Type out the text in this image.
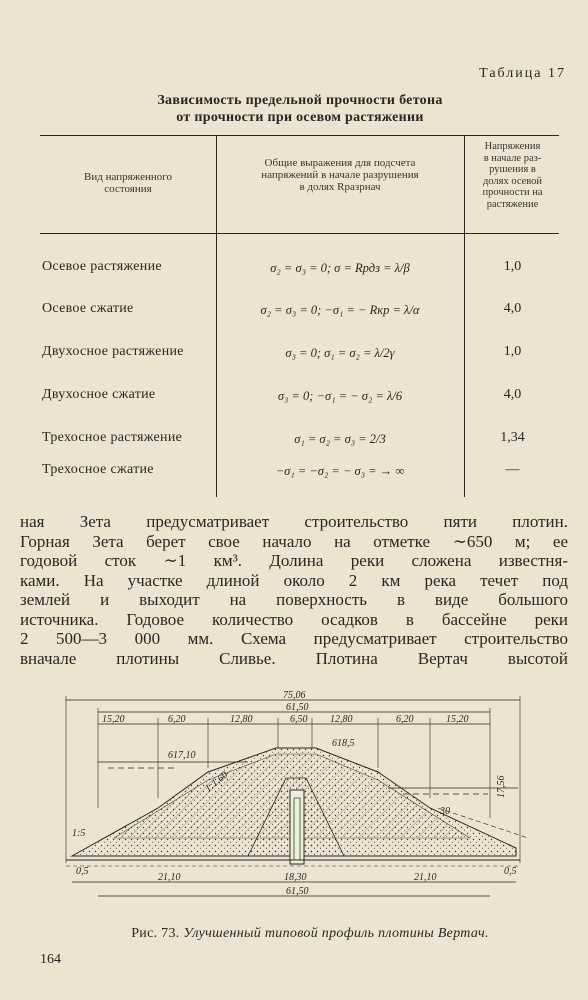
Таблица 17
Зависимость предельной прочности бетона
от прочности при осевом растяжении
Вид напряженного
состояния
Общие выражения для подсчета
напряжений в начале разрушения
в долях Rразрнач
Напряжения
в начале раз-
рушения в
долях осевой
прочности на
растяжение
Осевое растяжение	σ₂ = σ₃ = 0; σ = Rрдз = λ/β	1,0
Осевое сжатие	σ₂ = σ₃ = 0; −σ₁ = − Rкр = λ/α	4,0
Двухосное растяжение	σ₃ = 0; σ₁ = σ₂ = λ/2γ	1,0
Двухосное сжатие	σ₃ = 0; −σ₁ = − σ₂ = λ/6	4,0
Трехосное растяжение	σ₁ = σ₂ = σ₃ = 2/3	1,34
Трехосное сжатие	−σ₁ = −σ₂ = − σ₃ = → ∞	—

ная Зета предусматривает строительство пяти плотин.

Горная Зета берет свое начало на отметке ∼650 м; ее

годовой сток ∼1 км³. Долина реки сложена известня-

ками. На участке длиной около 2 км река течет под

землей и выходит на поверхность в виде большого

источника. Годовое количество осадков в бассейне реки

2 500—3 000 мм. Схема предусматривает строительство

вначале плотины Сливье. Плотина Вертач высотой

75,06
61,50
15,20	6,20	12,80	6,50 12,80	6,20	15,20
617,10
618,5
1:1,60
1:5
17,56
30
0,5
21,10	18,30	21,10
0,5
61,50
Рис. 73. Улучшенный типовой профиль плотины Вертач.
164
